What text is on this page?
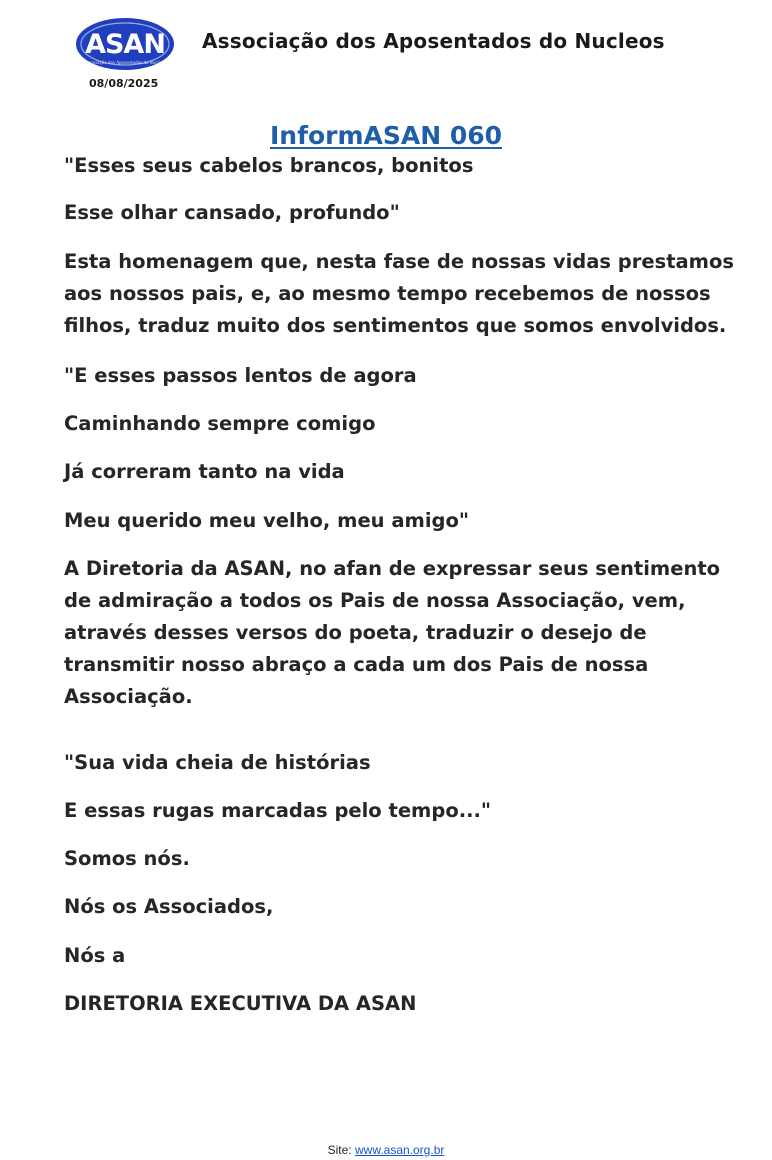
ASAN
Associação dos Aposentados do Nucleos
Associação dos Aposentados do Nucleos
08/08/2025
InformASAN 060

"Esses seus cabelos brancos, bonitos

Esse olhar cansado, profundo"

Esta homenagem que, nesta fase de nossas vidas prestamos aos nossos pais, e, ao mesmo tempo recebemos de nossos filhos, traduz muito dos sentimentos que somos envolvidos.

"E esses passos lentos de agora

Caminhando sempre comigo

Já correram tanto na vida

Meu querido meu velho, meu amigo"

A Diretoria da ASAN, no afan de expressar seus sentimento de admiração a todos os Pais de nossa Associação, vem, através desses versos do poeta, traduzir o desejo de transmitir nosso abraço a cada um dos Pais de nossa Associação.

"Sua vida cheia de histórias

E essas rugas marcadas pelo tempo..."

Somos nós.

Nós os Associados,

Nós a

DIRETORIA EXECUTIVA DA ASAN

Site: www.asan.org.br
